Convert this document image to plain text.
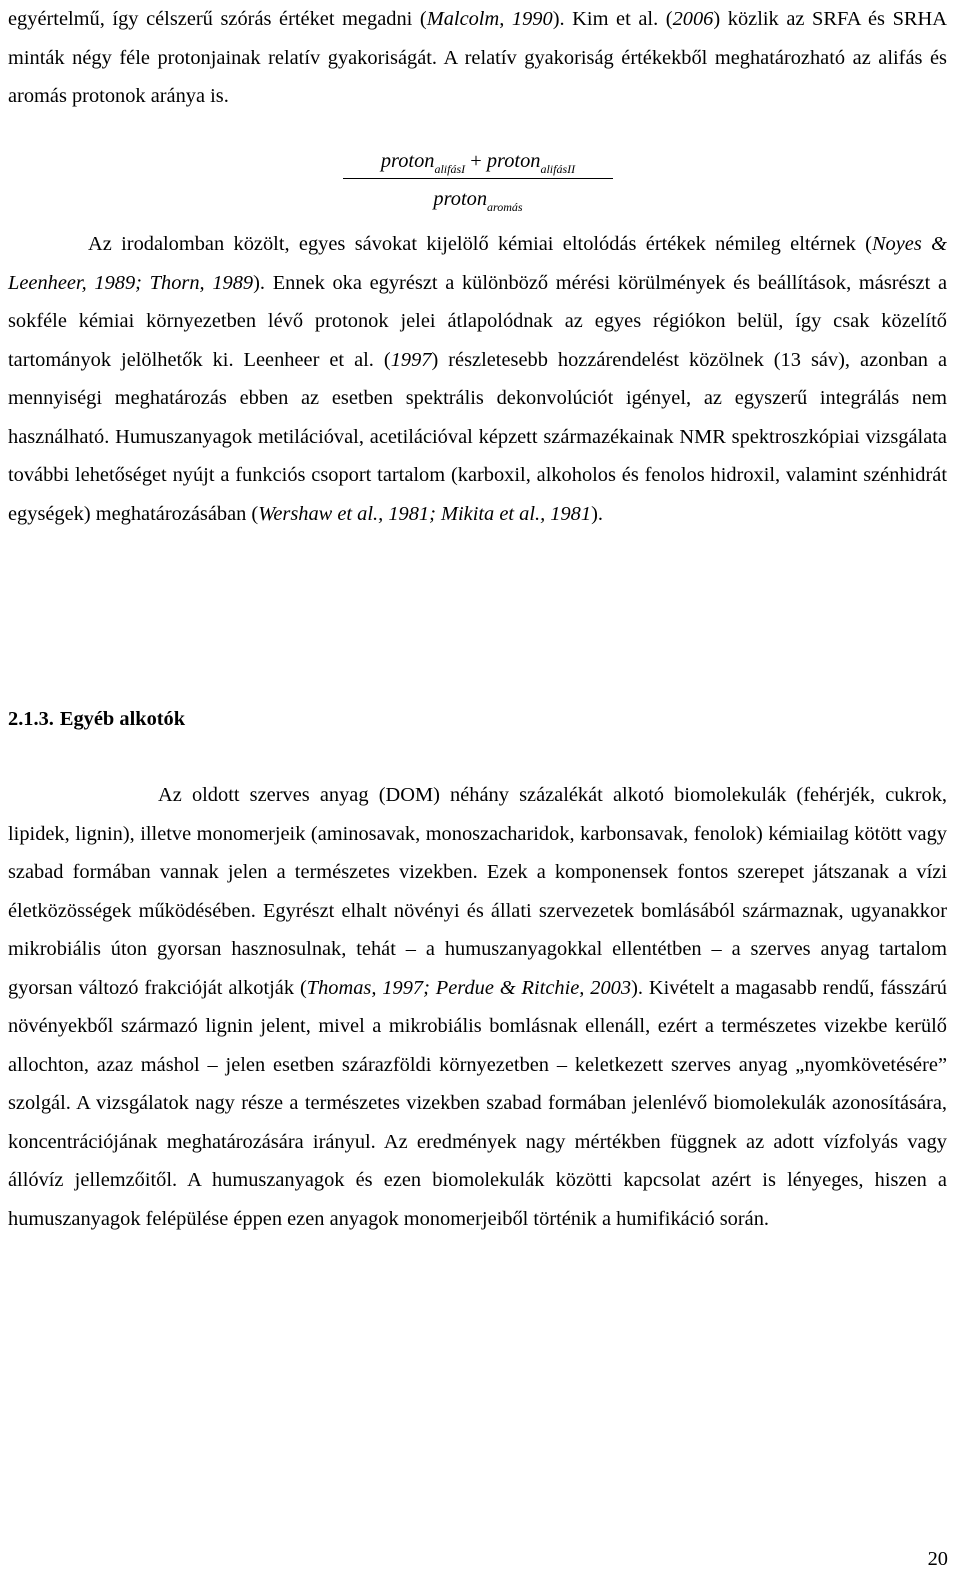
egyértelmű, így célszerű szórás értéket megadni (Malcolm, 1990). Kim et al. (2006) közlik az SRFA és SRHA minták négy féle protonjainak relatív gyakoriságát. A relatív gyakoriság értékekből meghatározható az alifás és aromás protonok aránya is.

proton$_{alifásI}$ + proton$_{alifásII}$
proton$_{aromás}$

Az irodalomban közölt, egyes sávokat kijelölő kémiai eltolódás értékek némileg eltérnek (Noyes & Leenheer, 1989; Thorn, 1989). Ennek oka egyrészt a különböző mérési körülmények és beállítások, másrészt a sokféle kémiai környezetben lévő protonok jelei átlapolódnak az egyes régiókon belül, így csak közelítő tartományok jelölhetők ki. Leenheer et al. (1997) részletesebb hozzárendelést közölnek (13 sáv), azonban a mennyiségi meghatározás ebben az esetben spektrális dekonvolúciót igényel, az egyszerű integrálás nem használható. Humuszanyagok metilációval, acetilációval képzett származékainak NMR spektroszkópiai vizsgálata további lehetőséget nyújt a funkciós csoport tartalom (karboxil, alkoholos és fenolos hidroxil, valamint szénhidrát egységek) meghatározásában (Wershaw et al., 1981; Mikita et al., 1981).

2.1.3. Egyéb alkotók

Az oldott szerves anyag (DOM) néhány százalékát alkotó biomolekulák (fehérjék, cukrok, lipidek, lignin), illetve monomerjeik (aminosavak, monoszacharidok, karbonsavak, fenolok) kémiailag kötött vagy szabad formában vannak jelen a természetes vizekben. Ezek a komponensek fontos szerepet játszanak a vízi életközösségek működésében. Egyrészt elhalt növényi és állati szervezetek bomlásából származnak, ugyanakkor mikrobiális úton gyorsan hasznosulnak, tehát – a humuszanyagokkal ellentétben – a szerves anyag tartalom gyorsan változó frakcióját alkotják (Thomas, 1997; Perdue & Ritchie, 2003). Kivételt a magasabb rendű, fásszárú növényekből származó lignin jelent, mivel a mikrobiális bomlásnak ellenáll, ezért a természetes vizekbe kerülő allochton, azaz máshol – jelen esetben szárazföldi környezetben – keletkezett szerves anyag „nyomkövetésére” szolgál. A vizsgálatok nagy része a természetes vizekben szabad formában jelenlévő biomolekulák azonosítására, koncentrációjának meghatározására irányul. Az eredmények nagy mértékben függnek az adott vízfolyás vagy állóvíz jellemzőitől. A humuszanyagok és ezen biomolekulák közötti kapcsolat azért is lényeges, hiszen a humuszanyagok felépülése éppen ezen anyagok monomerjeiből történik a humifikáció során.

20
